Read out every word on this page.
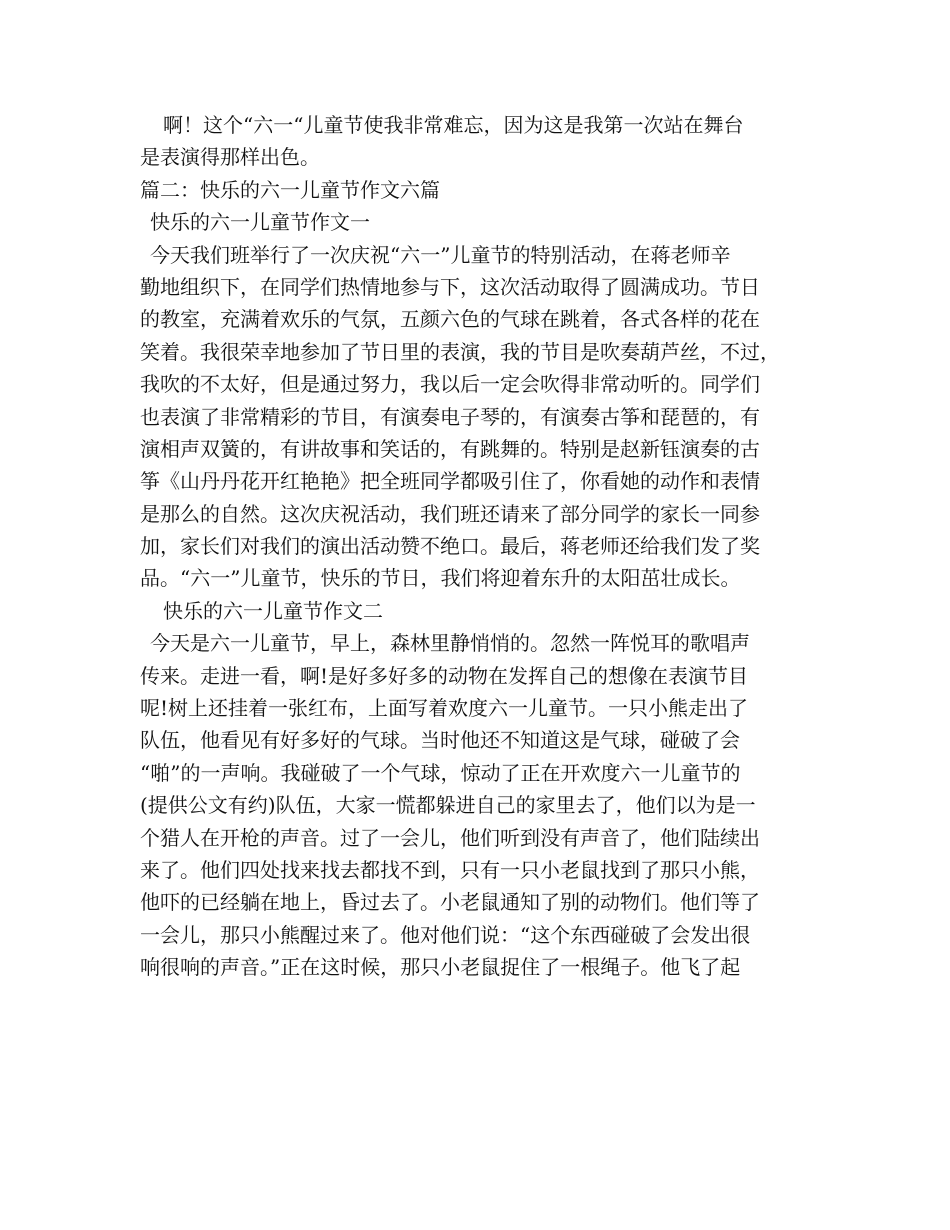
啊！这个“六一“儿童节使我非常难忘，因为这是我第一次站在舞台
是表演得那样出色。
篇二：快乐的六一儿童节作文六篇
快乐的六一儿童节作文一
今天我们班举行了一次庆祝“六一”儿童节的特别活动，在蒋老师辛
勤地组织下，在同学们热情地参与下，这次活动取得了圆满成功。节日
的教室，充满着欢乐的气氛，五颜六色的气球在跳着，各式各样的花在
笑着。我很荣幸地参加了节日里的表演，我的节目是吹奏葫芦丝，不过，
我吹的不太好，但是通过努力，我以后一定会吹得非常动听的。同学们
也表演了非常精彩的节目，有演奏电子琴的，有演奏古筝和琵琶的，有
演相声双簧的，有讲故事和笑话的，有跳舞的。特别是赵新钰演奏的古
筝《山丹丹花开红艳艳》把全班同学都吸引住了，你看她的动作和表情
是那么的自然。这次庆祝活动，我们班还请来了部分同学的家长一同参
加，家长们对我们的演出活动赞不绝口。最后，蒋老师还给我们发了奖
品。“六一”儿童节，快乐的节日，我们将迎着东升的太阳茁壮成长。
快乐的六一儿童节作文二
今天是六一儿童节，早上，森林里静悄悄的。忽然一阵悦耳的歌唱声
传来。走进一看，啊!是好多好多的动物在发挥自己的想像在表演节目
呢!树上还挂着一张红布，上面写着欢度六一儿童节。一只小熊走出了
队伍，他看见有好多好的气球。当时他还不知道这是气球，碰破了会
“啪”的一声响。我碰破了一个气球，惊动了正在开欢度六一儿童节的
(提供公文有约)队伍，大家一慌都躲进自己的家里去了，他们以为是一
个猎人在开枪的声音。过了一会儿，他们听到没有声音了，他们陆续出
来了。他们四处找来找去都找不到，只有一只小老鼠找到了那只小熊，
他吓的已经躺在地上，昏过去了。小老鼠通知了别的动物们。他们等了
一会儿，那只小熊醒过来了。他对他们说：“这个东西碰破了会发出很
响很响的声音。”正在这时候，那只小老鼠捉住了一根绳子。他飞了起
